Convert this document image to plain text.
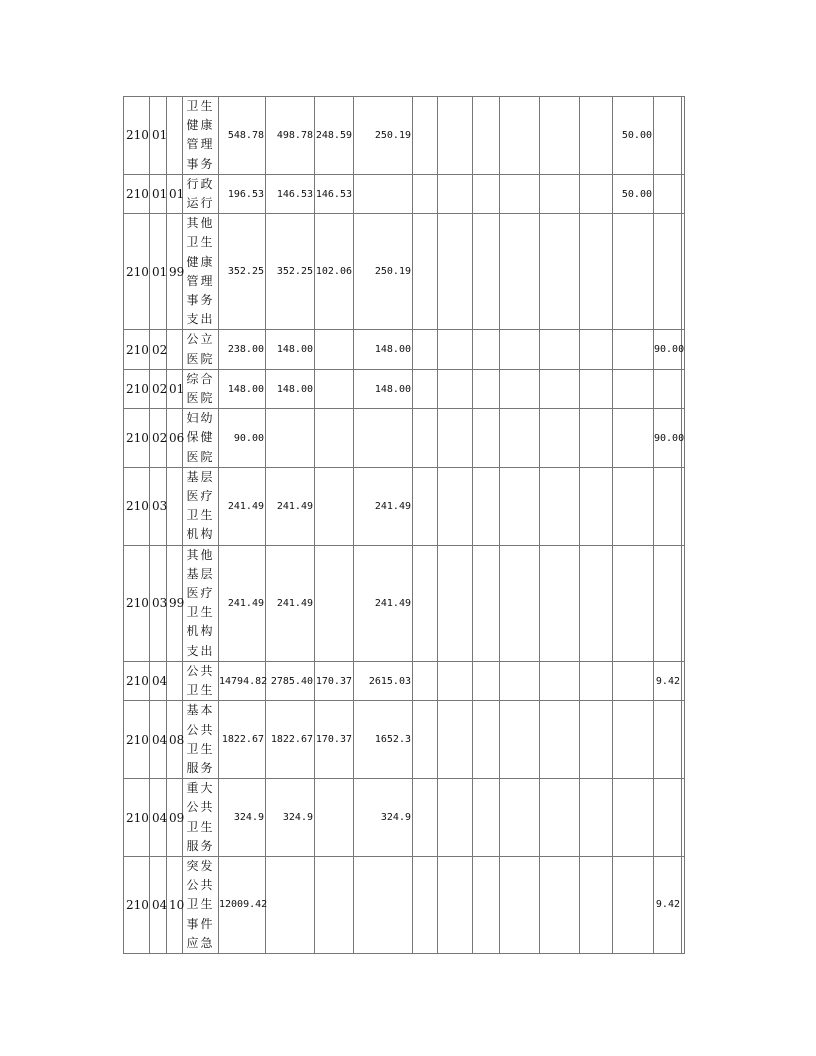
210	01		卫生健康管理事务	548.78	498.78	248.59	250.19							50.00		
210	01	01	行政运行	196.53	146.53	146.53								50.00		
210	01	99	其他卫生健康管理事务支出	352.25	352.25	102.06	250.19									
210	02		公立医院	238.00	148.00		148.00								90.00	
210	02	01	综合医院	148.00	148.00		148.00									
210	02	06	妇幼保健医院	90.00											90.00	
210	03		基层医疗卫生机构	241.49	241.49		241.49									
210	03	99	其他基层医疗卫生机构支出	241.49	241.49		241.49									
210	04		公共卫生	14794.82	2785.40	170.37	2615.03								9.42	
210	04	08	基本公共卫生服务	1822.67	1822.67	170.37	1652.3									
210	04	09	重大公共卫生服务	324.9	324.9		324.9									
210	04	10	突发公共卫生事件应急	12009.42											9.42	
